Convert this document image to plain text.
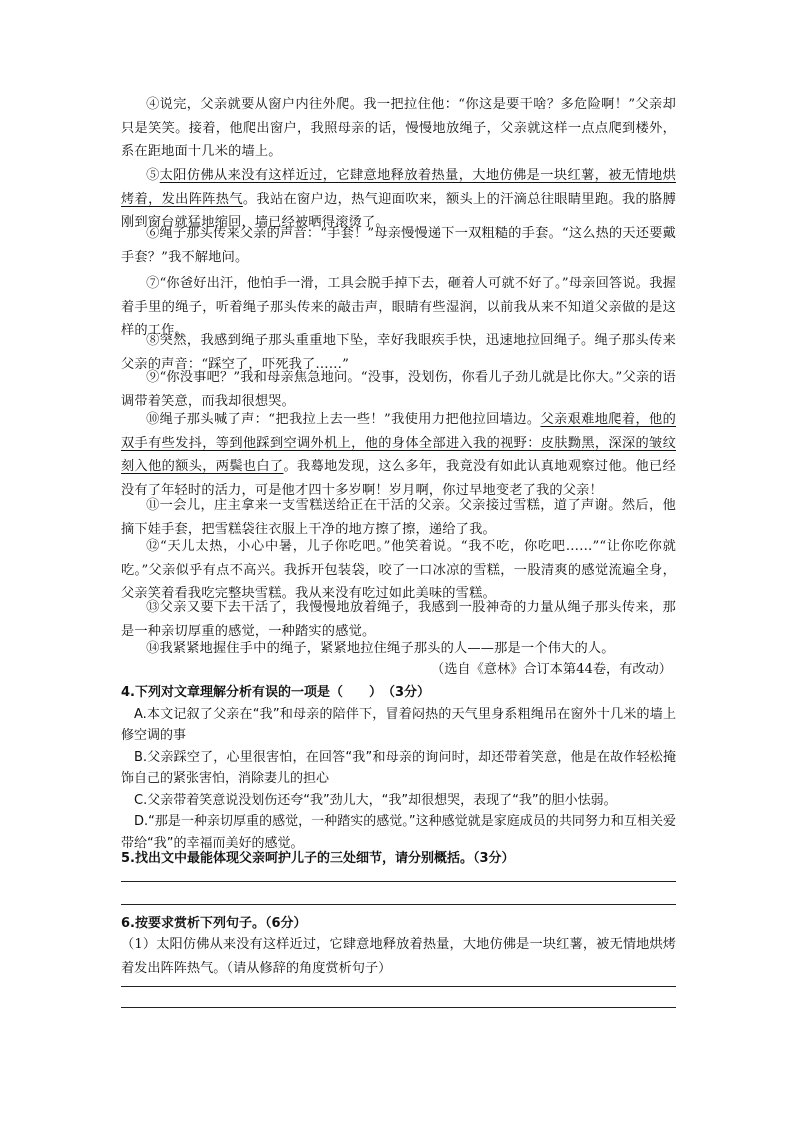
④说完，父亲就要从窗户内往外爬。我一把拉住他：“你这是要干啥？多危险啊！”父亲却只是笑笑。接着，他爬出窗户，我照母亲的话，慢慢地放绳子，父亲就这样一点点爬到楼外，系在距地面十几米的墙上。

⑤太阳仿佛从来没有这样近过，它肆意地释放着热量，大地仿佛是一块红薯，被无情地烘烤着，发出阵阵热气。我站在窗户边，热气迎面吹来，额头上的汗滴总往眼睛里跑。我的胳膊刚到窗台就猛地缩回，墙已经被晒得滚烫了。

⑥绳子那头传来父亲的声音：“手套！”母亲慢慢递下一双粗糙的手套。“这么热的天还要戴手套？”我不解地问。

⑦“你爸好出汗，他怕手一滑，工具会脱手掉下去，砸着人可就不好了。”母亲回答说。我握着手里的绳子，听着绳子那头传来的敲击声，眼睛有些湿润，以前我从来不知道父亲做的是这样的工作。

⑧突然，我感到绳子那头重重地下坠，幸好我眼疾手快，迅速地拉回绳子。绳子那头传来父亲的声音：“踩空了，吓死我了……”

⑨“你没事吧？”我和母亲焦急地问。“没事，没划伤，你看儿子劲儿就是比你大。”父亲的语调带着笑意，而我却很想哭。

⑩绳子那头喊了声：“把我拉上去一些！”我使用力把他拉回墙边。父亲艰难地爬着，他的双手有些发抖，等到他踩到空调外机上，他的身体全部进入我的视野：皮肤黝黑，深深的皱纹刻入他的额头，两鬓也白了。我蓦地发现，这么多年，我竟没有如此认真地观察过他。他已经没有了年轻时的活力，可是他才四十多岁啊！岁月啊，你过早地变老了我的父亲！

⑪一会儿，庄主拿来一支雪糕送给正在干活的父亲。父亲接过雪糕，道了声谢。然后，他摘下娃手套，把雪糕袋往衣服上干净的地方擦了擦，递给了我。

⑫“天儿太热，小心中暑，儿子你吃吧。”他笑着说。“我不吃，你吃吧……”“让你吃你就吃。”父亲似乎有点不高兴。我拆开包装袋，咬了一口冰凉的雪糕，一股清爽的感觉流遍全身，父亲笑着看我吃完整块雪糕。我从来没有吃过如此美味的雪糕。

⑬父亲又要下去干活了，我慢慢地放着绳子，我感到一股神奇的力量从绳子那头传来，那是一种亲切厚重的感觉，一种踏实的感觉。

⑭我紧紧地握住手中的绳子，紧紧地拉住绳子那头的人——那是一个伟大的人。

（选自《意林》合订本第44卷，有改动）
4.下列对文章理解分析有误的一项是（　　）　（3分）
A.本文记叙了父亲在“我”和母亲的陪伴下，冒着闷热的天气里身系粗绳吊在窗外十几米的墙上修空调的事
B.父亲踩空了，心里很害怕，在回答“我”和母亲的询问时，却还带着笑意，他是在故作轻松掩饰自己的紧张害怕，消除妻儿的担心
C.父亲带着笑意说没划伤还夸“我”劲儿大，“我”却很想哭，表现了“我”的胆小怯弱。
D.“那是一种亲切厚重的感觉，一种踏实的感觉。”这种感觉就是家庭成员的共同努力和互相关爱带给“我”的幸福而美好的感觉。
5.找出文中最能体现父亲呵护儿子的三处细节，请分别概括。（3分）
6.按要求赏析下列句子。（6分）

（1）太阳仿佛从来没有这样近过，它肆意地释放着热量，大地仿佛是一块红薯，被无情地烘烤着发出阵阵热气。（请从修辞的角度赏析句子）
